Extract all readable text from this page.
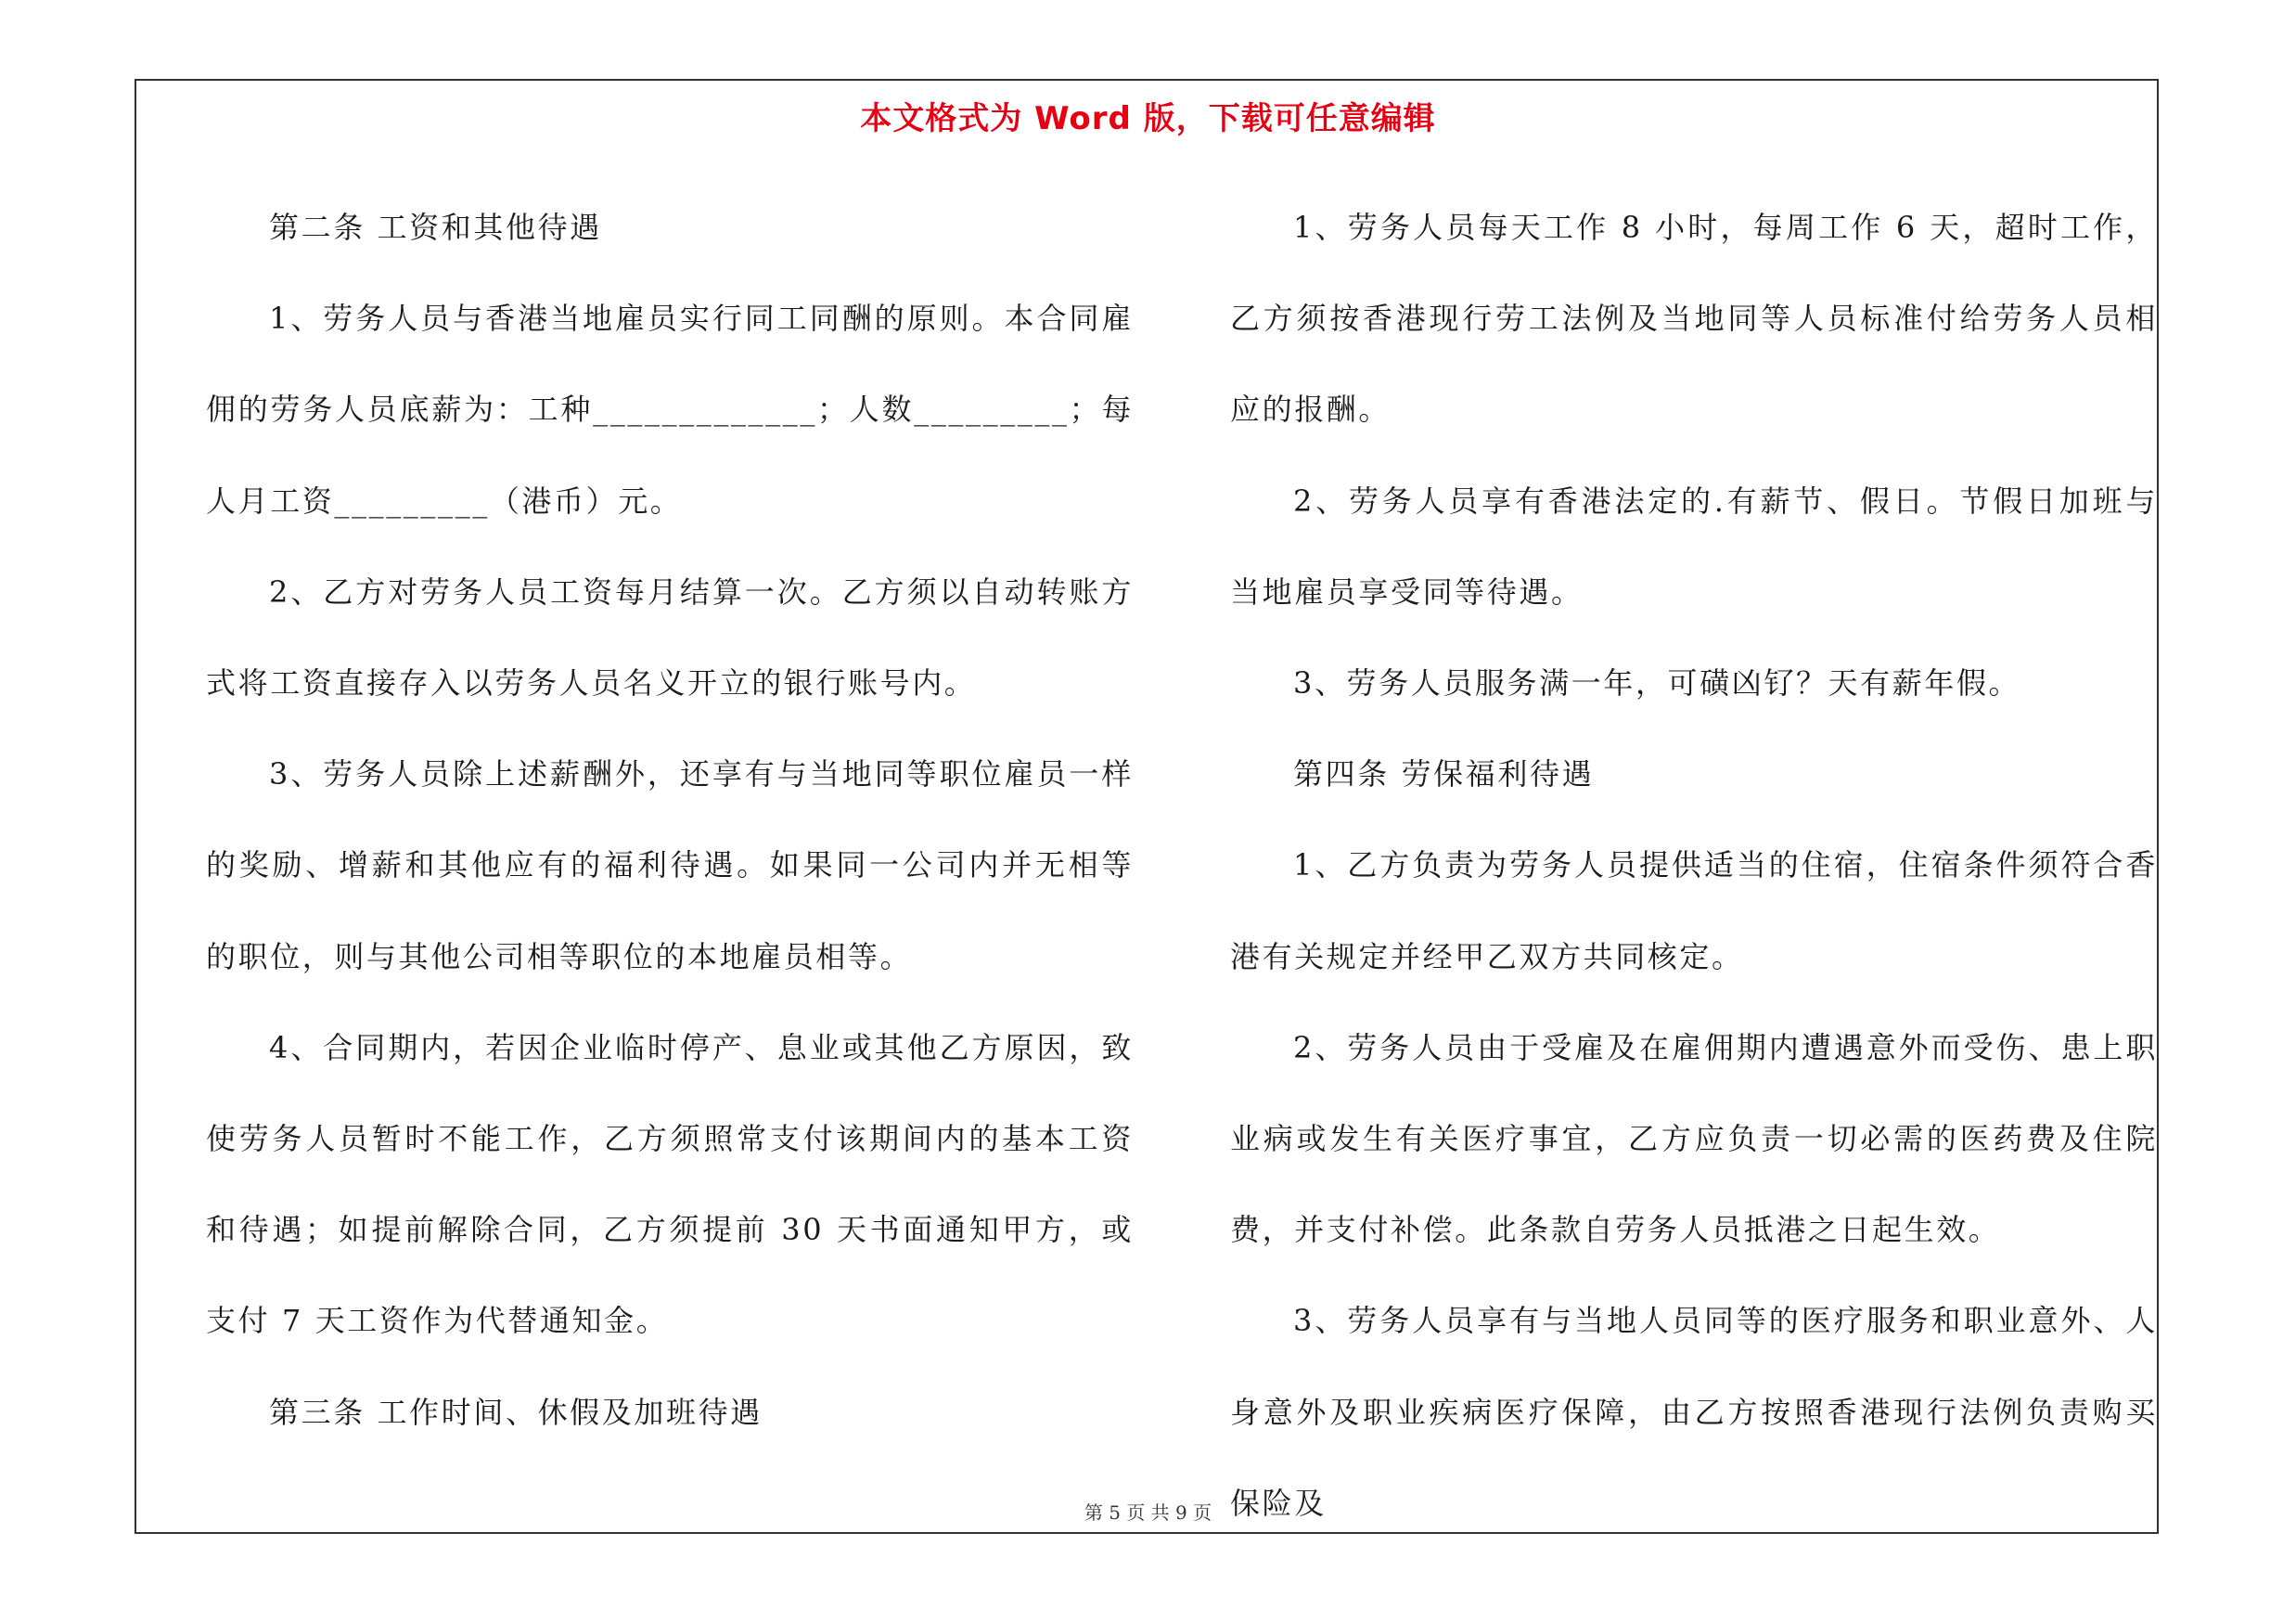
本文格式为 Word 版，下载可任意编辑

第二条 工资和其他待遇

1、劳务人员与香港当地雇员实行同工同酬的原则。本合同雇佣的劳务人员底薪为：工种_____________；人数_________；每人月工资_________（港币）元。

2、乙方对劳务人员工资每月结算一次。乙方须以自动转账方式将工资直接存入以劳务人员名义开立的银行账号内。

3、劳务人员除上述薪酬外，还享有与当地同等职位雇员一样的奖励、增薪和其他应有的福利待遇。如果同一公司内并无相等的职位，则与其他公司相等职位的本地雇员相等。

4、合同期内，若因企业临时停产、息业或其他乙方原因，致使劳务人员暂时不能工作，乙方须照常支付该期间内的基本工资和待遇；如提前解除合同，乙方须提前 30 天书面通知甲方，或支付 7 天工资作为代替通知金。

第三条 工作时间、休假及加班待遇

1、劳务人员每天工作 8 小时，每周工作 6 天，超时工作，乙方须按香港现行劳工法例及当地同等人员标准付给劳务人员相应的报酬。

2、劳务人员享有香港法定的.有薪节、假日。节假日加班与当地雇员享受同等待遇。

3、劳务人员服务满一年，可磺凶钌？天有薪年假。

第四条 劳保福利待遇

1、乙方负责为劳务人员提供适当的住宿，住宿条件须符合香港有关规定并经甲乙双方共同核定。

2、劳务人员由于受雇及在雇佣期内遭遇意外而受伤、患上职业病或发生有关医疗事宜，乙方应负责一切必需的医药费及住院费，并支付补偿。此条款自劳务人员抵港之日起生效。

3、劳务人员享有与当地人员同等的医疗服务和职业意外、人身意外及职业疾病医疗保障，由乙方按照香港现行法例负责购买保险及

第 5 页 共 9 页
